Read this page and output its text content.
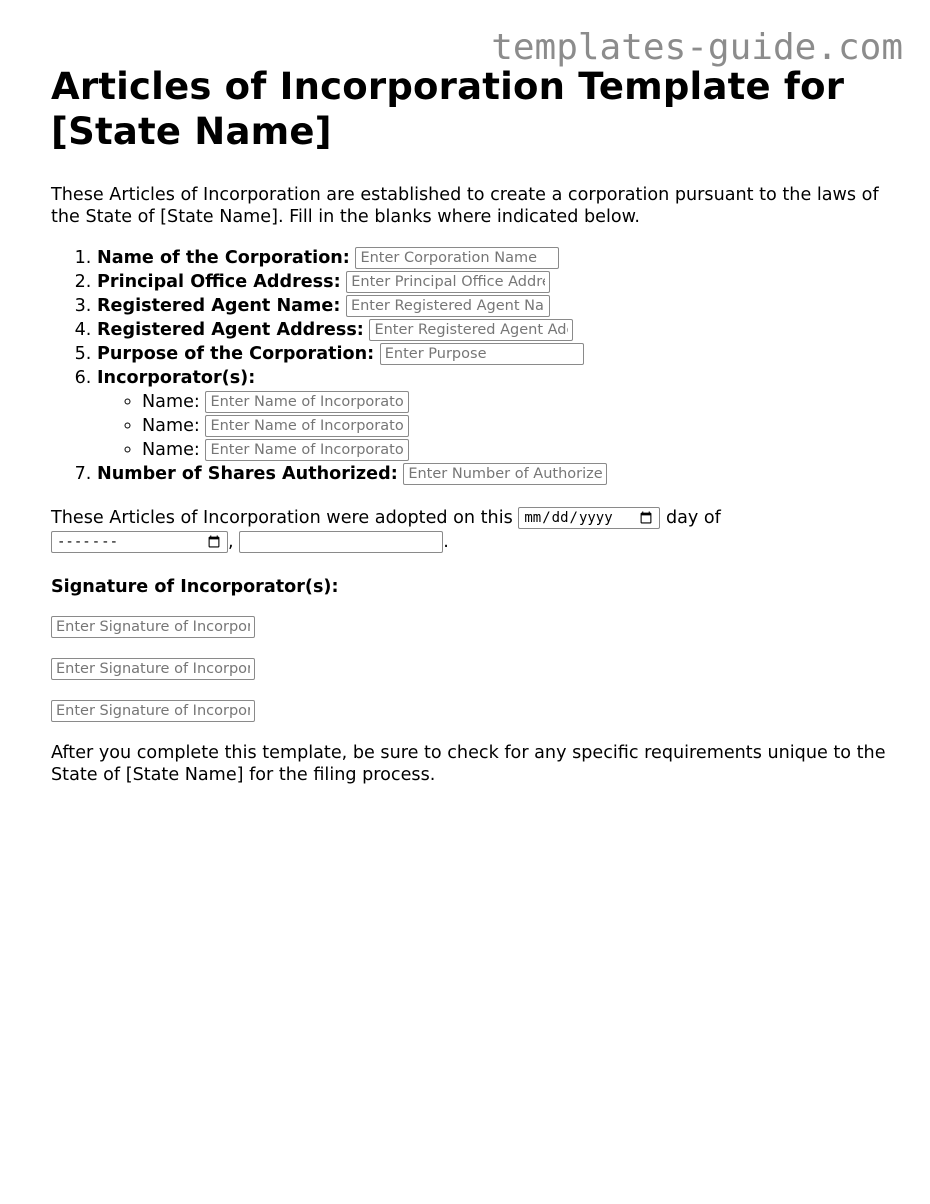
templates-guide.com
Articles of Incorporation Template for [State Name]

These Articles of Incorporation are established to create a corporation pursuant to the laws of the State of [State Name]. Fill in the blanks where indicated below.

1. Name of the Corporation: Enter Corporation Name
2. Principal Office Address: Enter Principal Office Address
3. Registered Agent Name: Enter Registered Agent Name
4. Registered Agent Address: Enter Registered Agent Address
5. Purpose of the Corporation: Enter Purpose
6. Incorporator(s):
◦ Name: Enter Name of Incorporator
◦ Name: Enter Name of Incorporator
◦ Name: Enter Name of Incorporator
7. Number of Shares Authorized: Enter Number of Authorized Shares

These Articles of Incorporation were adopted on this mm/dd/yyyy	day of
--------- ----,	.

Signature of Incorporator(s):
Enter Signature of Incorporator
Enter Signature of Incorporator
Enter Signature of Incorporator

After you complete this template, be sure to check for any specific requirements unique to the State of [State Name] for the filing process.
